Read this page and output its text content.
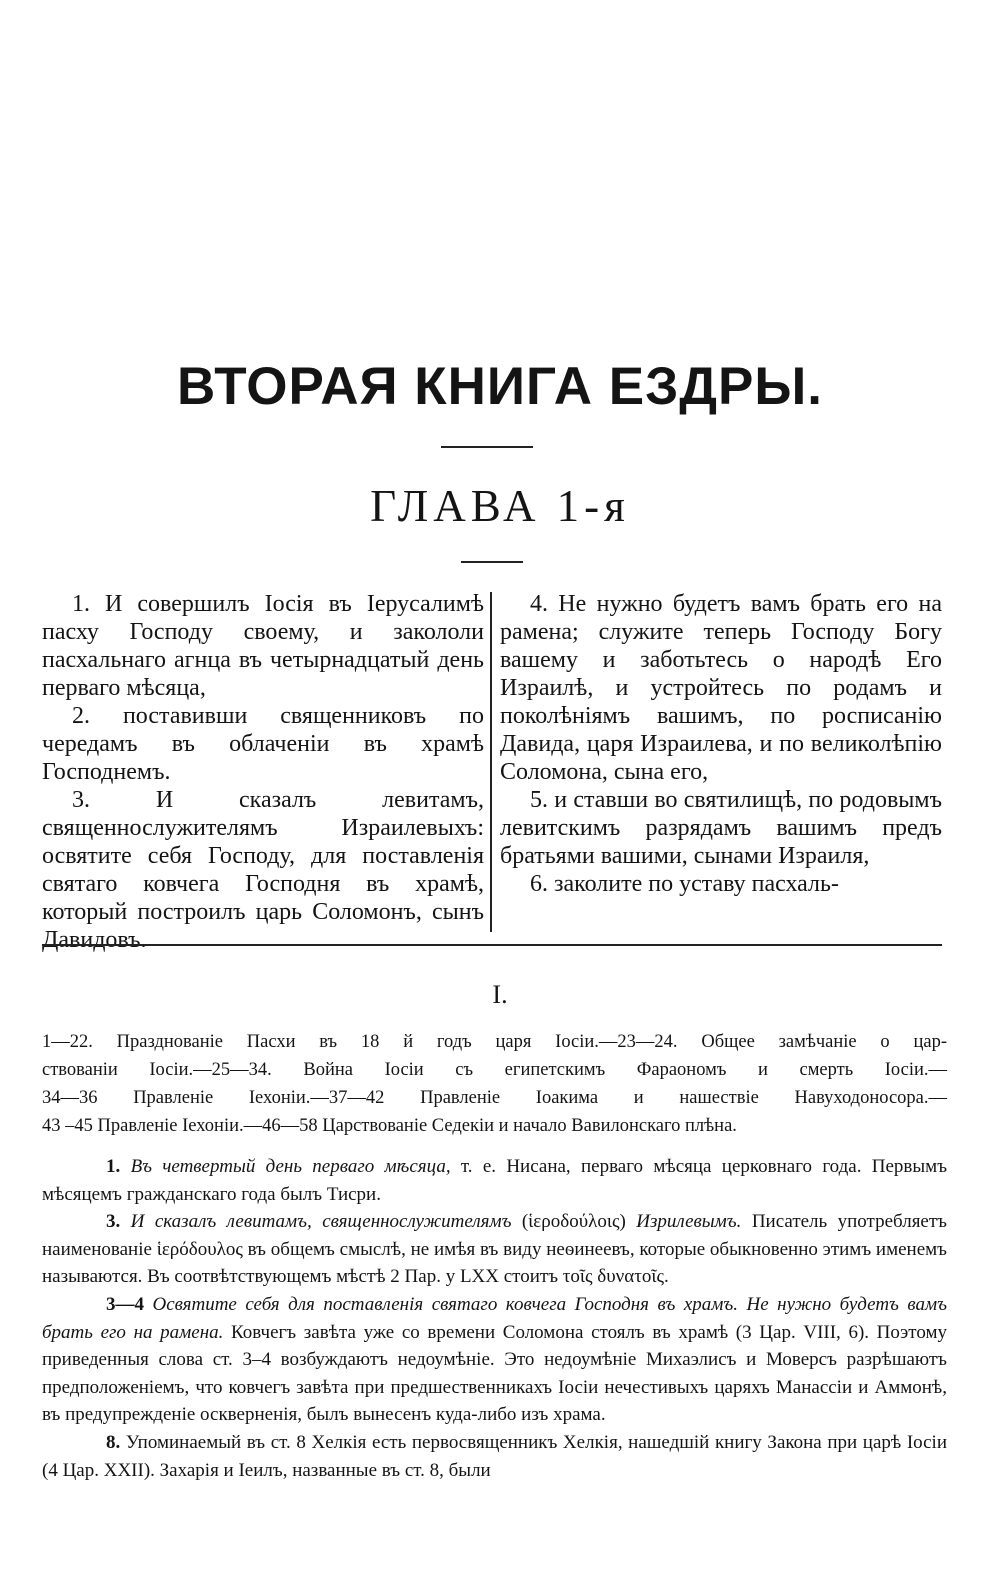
ВТОРАЯ КНИГА ЕЗДРЫ.
ГЛАВА 1-я

1. И совершилъ Іосія въ Іерусалимѣ пасху Господу своему, и закололи пасхальнаго агнца въ четырнадцатый день перваго мѣсяца,

2. поставивши священниковъ по чередамъ въ облаченіи въ храмѣ Господнемъ.

3. И сказалъ левитамъ, священнослужителямъ Израилевыхъ: освятите себя Господу, для поставленія святаго ковчега Господня въ храмѣ, который построилъ царь Соломонъ, сынъ Давидовъ.

4. Не нужно будетъ вамъ брать его на рамена; служите теперь Господу Богу вашему и заботьтесь о народѣ Его Израилѣ, и устройтесь по родамъ и поколѣніямъ вашимъ, по росписанію Давида, царя Израилева, и по великолѣпію Соломона, сына его,

5. и ставши во святилищѣ, по родовымъ левитскимъ разрядамъ вашимъ предъ братьями вашими, сынами Израиля,

6. заколите по уставу пасхаль-

I.
1—22. Празднованіе Пасхи въ 18 й годъ царя Іосіи.—23—24. Общее замѣчаніе о цар-
ствованіи Іосіи.—25—34. Война Іосіи съ египетскимъ Фараономъ и смерть Іосіи.—
34—36 Правленіе Іехоніи.—37—42 Правленіе Іоакима и нашествіе Навуходоносора.—
43 –45 Правленіе Іехоніи.—46—58 Царствованіе Седекіи и начало Вавилонскаго плѣна.

1. Въ четвертый день перваго мѣсяца, т. е. Нисана, перваго мѣсяца церковнаго года. Первымъ мѣсяцемъ гражданскаго года былъ Тисри.

3. И сказалъ левитамъ, священнослужителямъ (ἱεροδούλοις) Изрилевымъ. Писатель употребляетъ наименованіе ἱερόδουλος въ общемъ смыслѣ, не имѣя въ виду неѳинеевъ, которые обыкновенно этимъ именемъ называются. Въ соотвѣтствующемъ мѣстѣ 2 Пар. у LXX стоитъ τοῖς δυνατοῖς.

3—4 Освятите себя для поставленія святаго ковчега Господня въ храмъ. Не нужно будетъ вамъ брать его на рамена. Ковчегъ завѣта уже со времени Соломона стоялъ въ храмѣ (3 Цар. VIII, 6). Поэтому приведенныя слова ст. 3–4 возбуждаютъ недоумѣніе. Это недоумѣніе Михаэлисъ и Моверсъ разрѣшаютъ предположеніемъ, что ковчегъ завѣта при предшественникахъ Іосіи нечестивыхъ царяхъ Манассіи и Аммонѣ, въ предупрежденіе оскверненія, былъ вынесенъ куда-либо изъ храма.

8. Упоминаемый въ ст. 8 Хелкія есть первосвященникъ Хелкія, нашедшій книгу Закона при царѣ Іосіи (4 Цар. XXII). Захарія и Іеилъ, названные въ ст. 8, были
